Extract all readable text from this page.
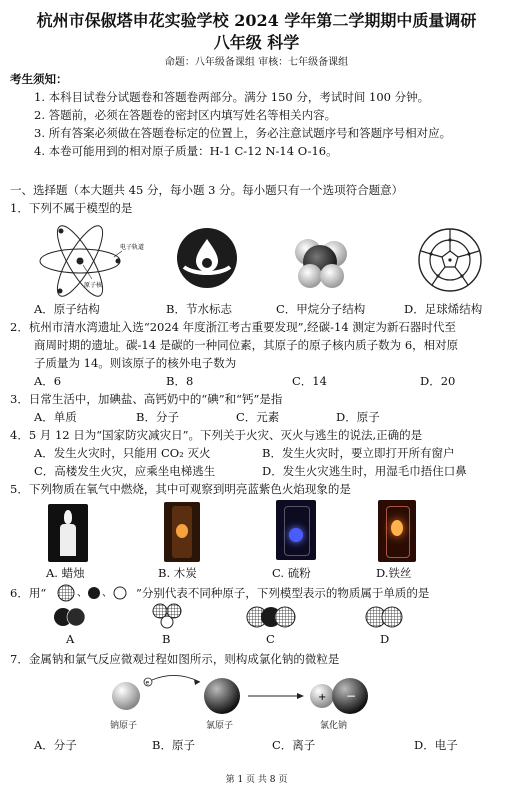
杭州市保俶塔申花实验学校 2024 学年第二学期期中质量调研
八年级 科学
命题：八年级备课组 审核：七年级备课组
考生须知：
1. 本科目试卷分试题卷和答题卷两部分。满分 150 分，考试时间 100 分钟。
2. 答题前，必须在答题卷的密封区内填写姓名等相关内容。
3. 所有答案必须做在答题卷标定的位置上，务必注意试题序号和答题序号相对应。
4. 本卷可能用到的相对原子质量：H-1 C-12 N-14 O-16。
一、选择题（本大题共 45 分，每小题 3 分。每小题只有一个选项符合题意）
1．下列不属于模型的是
电子轨道
原子核
A．原子结构	B．节水标志	C．甲烷分子结构	D．足球烯结构
2．杭州市清水湾遗址入选“2024 年度浙江考古重要发现”,经碳-14 测定为新石器时代至
商周时期的遗址。碳-14 是碳的一种同位素，其原子的原子核内质子数为 6，相对原
子质量为 14。则该原子的核外电子数为
A．6	B．8	C．14	D．20
3．日常生活中，加碘盐、高钙奶中的“碘”和“钙”是指
A．单质	B．分子	C．元素	D．原子
4．5 月 12 日为“国家防灾减灾日”。下列关于火灾、灭火与逃生的说法,正确的是
A．发生火灾时，只能用 CO₂ 灭火	B．发生火灾时，要立即打开所有窗户
C．高楼发生火灾，应乘坐电梯逃生	D．发生火灾逃生时，用湿毛巾捂住口鼻
5．下列物质在氧气中燃烧，其中可观察到明亮蓝紫色火焰现象的是
A. 蜡烛	B. 木炭	C. 硫粉	D.铁丝
6．用“	、 、 ”分别代表不同种原子，下列模型表示的物质属于单质的是
A	B	C	D
7．金属钠和氯气反应微观过程如图所示，则构成氯化钠的微粒是
e
+ −
钠原子	氯原子	氯化钠
A．分子	B．原子	C．离子	D．电子
第 1 页 共 8 页
